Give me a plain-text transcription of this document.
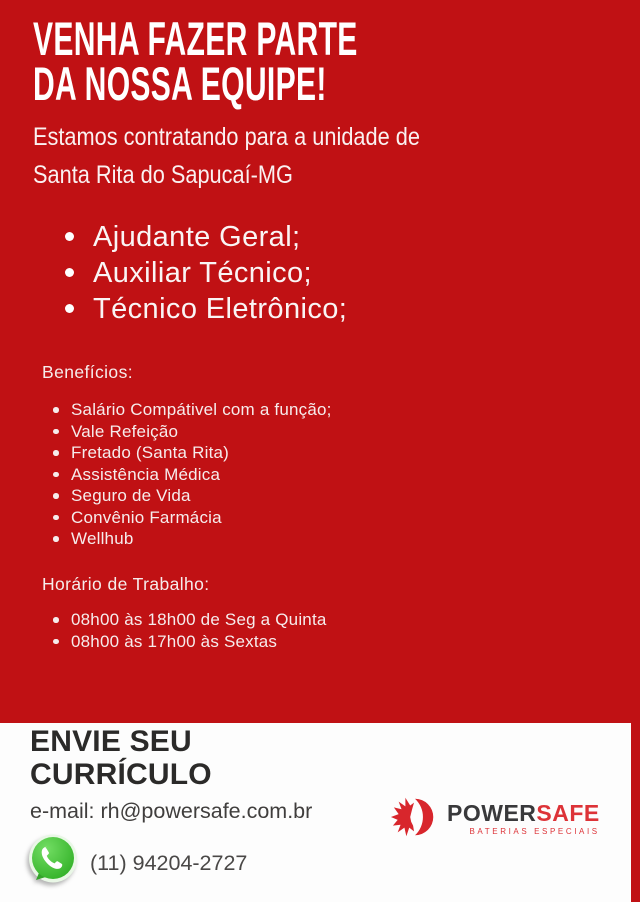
VENHA FAZER PARTE
DA NOSSA EQUIPE!

Estamos contratando para a unidade de Santa Rita do Sapucaí-MG

Ajudante Geral;
Auxiliar Técnico;
Técnico Eletrônico;
Benefícios:
Salário Compátivel com a função;
Vale Refeição
Fretado (Santa Rita)
Assistência Médica
Seguro de Vida
Convênio Farmácia
Wellhub
Horário de Trabalho:
08h00 às 18h00 de Seg a Quinta
08h00 às 17h00 às Sextas
ENVIE SEU
CURRÍCULO
e-mail: rh@powersafe.com.br
(11) 94204-2727
POWERSAFE
BATERIAS ESPECIAIS
